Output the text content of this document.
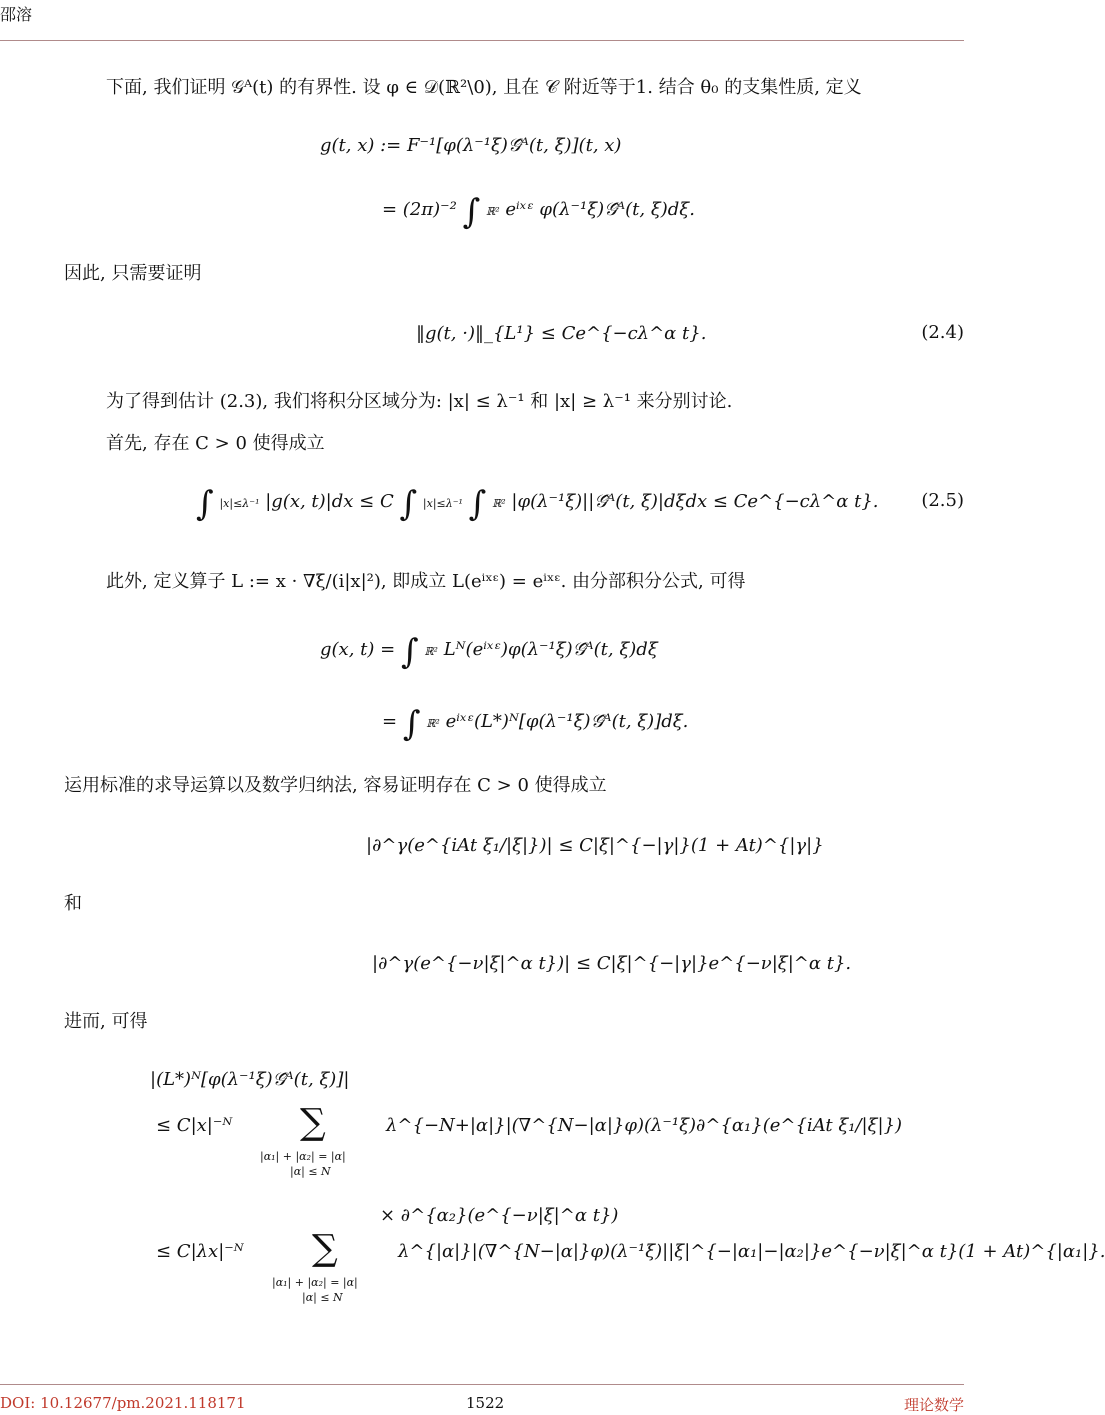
邵溶
下面, 我们证明 𝒢ᴬ(t) 的有界性. 设 φ ∈ 𝒟(ℝ²\0), 且在 𝒞 附近等于1. 结合 θ₀ 的支集性质, 定义
g(t, x) := F⁻¹[φ(λ⁻¹ξ)𝒢̂ᴬ(t, ξ)](t, x)
= (2π)⁻² ∫ ℝ² eⁱˣᵋ φ(λ⁻¹ξ)𝒢̂ᴬ(t, ξ)dξ.
因此, 只需要证明
‖g(t, ·)‖_{L¹} ≤ Ce^{−cλ^α t}.	(2.4)
为了得到估计 (2.3), 我们将积分区域分为: |x| ≤ λ⁻¹ 和 |x| ≥ λ⁻¹ 来分别讨论.
首先, 存在 C > 0 使得成立
∫ |x|≤λ⁻¹ |g(x, t)|dx ≤ C ∫ |x|≤λ⁻¹ ∫ ℝ² |φ(λ⁻¹ξ)||𝒢̂ᴬ(t, ξ)|dξdx ≤ Ce^{−cλ^α t}. (2.5)
此外, 定义算子 L := x · ∇ξ/(i|x|²), 即成立 L(eⁱˣᵋ) = eⁱˣᵋ. 由分部积分公式, 可得
g(x, t) = ∫ ℝ² Lᴺ(eⁱˣᵋ)φ(λ⁻¹ξ)𝒢̂ᴬ(t, ξ)dξ
= ∫ ℝ² eⁱˣᵋ(L*)ᴺ[φ(λ⁻¹ξ)𝒢̂ᴬ(t, ξ)]dξ.
运用标准的求导运算以及数学归纳法, 容易证明存在 C > 0 使得成立
|∂^γ(e^{iAt ξ₁/|ξ|})| ≤ C|ξ|^{−|γ|}(1 + At)^{|γ|}
和
|∂^γ(e^{−ν|ξ|^α t})| ≤ C|ξ|^{−|γ|}e^{−ν|ξ|^α t}.
进而, 可得
|(L*)ᴺ[φ(λ⁻¹ξ)𝒢̂ᴬ(t, ξ)]|
≤ C|x|⁻ᴺ ∑
|α₁| + |α₂| = |α|
|α| ≤ N
λ^{−N+|α|}|(∇^{N−|α|}φ)(λ⁻¹ξ)∂^{α₁}(e^{iAt ξ₁/|ξ|})
× ∂^{α₂}(e^{−ν|ξ|^α t})
≤ C|λx|⁻ᴺ ∑
|α₁| + |α₂| = |α|
|α| ≤ N
λ^{|α|}|(∇^{N−|α|}φ)(λ⁻¹ξ)||ξ|^{−|α₁|−|α₂|}e^{−ν|ξ|^α t}(1 + At)^{|α₁|}.
DOI: 10.12677/pm.2021.118171	1522	理论数学
